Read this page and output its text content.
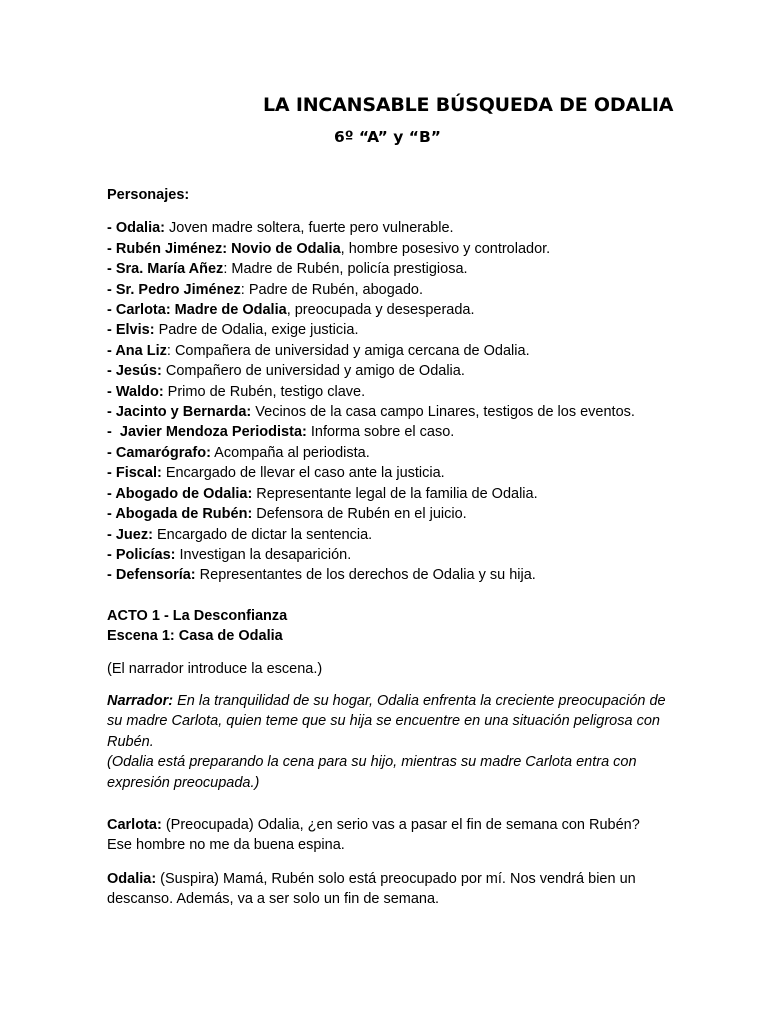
LA INCANSABLE BÚSQUEDA DE ODALIA
6º “A” y “B”
Personajes:
- Odalia: Joven madre soltera, fuerte pero vulnerable.
- Rubén Jiménez: Novio de Odalia, hombre posesivo y controlador.
- Sra. María Añez: Madre de Rubén, policía prestigiosa.
- Sr. Pedro Jiménez: Padre de Rubén, abogado.
- Carlota: Madre de Odalia, preocupada y desesperada.
- Elvis: Padre de Odalia, exige justicia.
- Ana Liz: Compañera de universidad y amiga cercana de Odalia.
- Jesús: Compañero de universidad y amigo de Odalia.
- Waldo: Primo de Rubén, testigo clave.
- Jacinto y Bernarda: Vecinos de la casa campo Linares, testigos de los eventos.
-  Javier Mendoza Periodista: Informa sobre el caso.
- Camarógrafo: Acompaña al periodista.
- Fiscal: Encargado de llevar el caso ante la justicia.
- Abogado de Odalia: Representante legal de la familia de Odalia.
- Abogada de Rubén: Defensora de Rubén en el juicio.
- Juez: Encargado de dictar la sentencia.
- Policías: Investigan la desaparición.
- Defensoría: Representantes de los derechos de Odalia y su hija.
ACTO 1 - La Desconfianza
Escena 1: Casa de Odalia
(El narrador introduce la escena.)
Narrador: En la tranquilidad de su hogar, Odalia enfrenta la creciente preocupación de su madre Carlota, quien teme que su hija se encuentre en una situación peligrosa con Rubén.
(Odalia está preparando la cena para su hijo, mientras su madre Carlota entra con expresión preocupada.)
Carlota: (Preocupada) Odalia, ¿en serio vas a pasar el fin de semana con Rubén? Ese hombre no me da buena espina.
Odalia: (Suspira) Mamá, Rubén solo está preocupado por mí. Nos vendrá bien un descanso. Además, va a ser solo un fin de semana.
